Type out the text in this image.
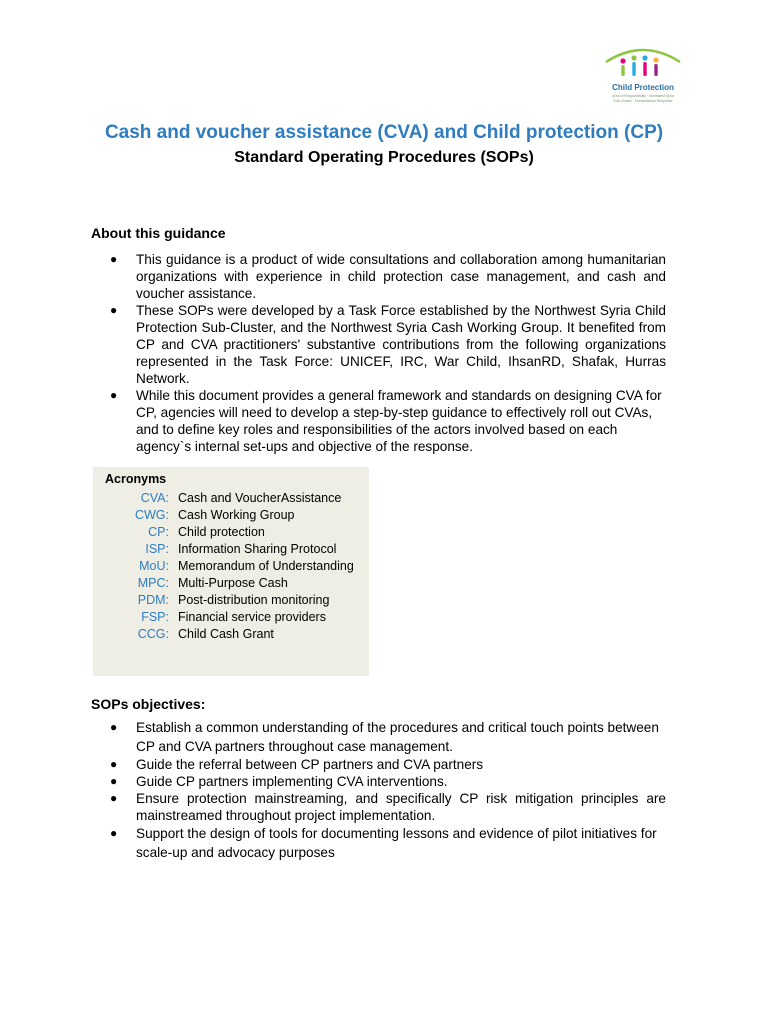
Child Protection
Area of Responsibility · Northwest Syria
Sub-Cluster · Humanitarian Response
Cash and voucher assistance (CVA) and Child protection (CP)
Standard Operating Procedures (SOPs)
About this guidance
● This guidance is a product of wide consultations and collaboration among humanitarian organizations with experience in child protection case management, and cash and voucher assistance.
● These SOPs were developed by a Task Force established by the Northwest Syria Child Protection Sub-Cluster, and the Northwest Syria Cash Working Group. It benefited from CP and CVA practitioners' substantive contributions from the following organizations represented in the Task Force: UNICEF, IRC, War Child, IhsanRD, Shafak, Hurras Network.
● While this document provides a general framework and standards on designing CVA for CP, agencies will need to develop a step-by-step guidance to effectively roll out CVAs, and to define key roles and responsibilities of the actors involved based on each agency`s internal set-ups and objective of the response.
Acronyms
CVA: Cash and VoucherAssistance
CWG: Cash Working Group
CP: Child protection
ISP: Information Sharing Protocol
MoU: Memorandum of Understanding
MPC: Multi-Purpose Cash
PDM: Post-distribution monitoring
FSP: Financial service providers
CCG: Child Cash Grant
SOPs objectives:
● Establish a common understanding of the procedures and critical touch points between CP and CVA partners throughout case management.
● Guide the referral between CP partners and CVA partners
● Guide CP partners implementing CVA interventions.
● Ensure protection mainstreaming, and specifically CP risk mitigation principles are mainstreamed throughout project implementation.
● Support the design of tools for documenting lessons and evidence of pilot initiatives for scale-up and advocacy purposes
